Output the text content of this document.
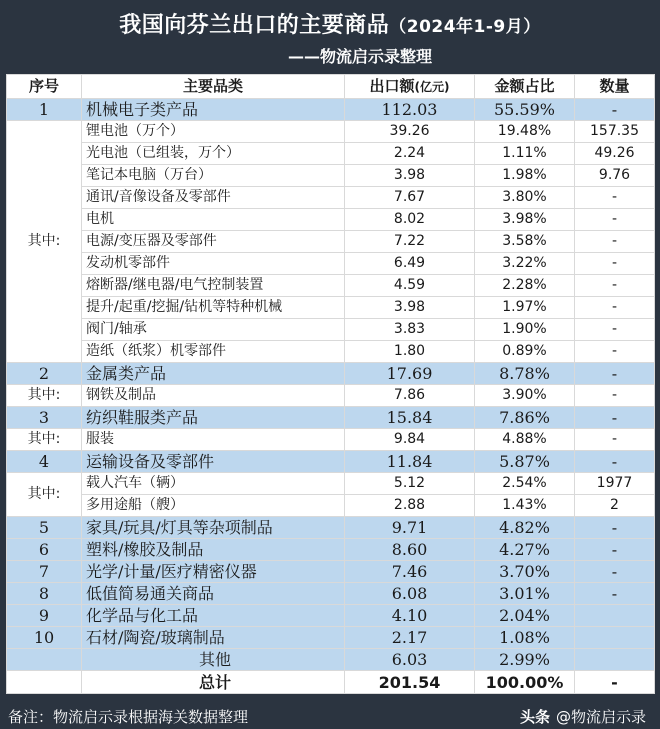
我国向芬兰出口的主要商品（2024年1-9月）
——物流启示录整理
序号	主要品类	出口额(亿元)	金额占比	数量
1	机械电子类产品	112.03	55.59%	-
其中:	锂电池（万个）	39.26	19.48%	157.35
	光电池（已组装，万个）	2.24	1.11%	49.26
	笔记本电脑（万台）	3.98	1.98%	9.76
	通讯/音像设备及零部件	7.67	3.80%	-
	电机	8.02	3.98%	-
	电源/变压器及零部件	7.22	3.58%	-
	发动机零部件	6.49	3.22%	-
	熔断器/继电器/电气控制装置	4.59	2.28%	-
	提升/起重/挖掘/钻机等特种机械	3.98	1.97%	-
	阀门/轴承	3.83	1.90%	-
	造纸（纸浆）机零部件	1.80	0.89%	-
2	金属类产品	17.69	8.78%	-
其中:	钢铁及制品	7.86	3.90%	-
3	纺织鞋服类产品	15.84	7.86%	-
其中:	服装	9.84	4.88%	-
4	运输设备及零部件	11.84	5.87%	-
其中:	载人汽车（辆）	5.12	2.54%	1977
	多用途船（艘）	2.88	1.43%	2
5	家具/玩具/灯具等杂项制品	9.71	4.82%	-
6	塑料/橡胶及制品	8.60	4.27%	-
7	光学/计量/医疗精密仪器	7.46	3.70%	-
8	低值简易通关商品	6.08	3.01%	-
9	化学品与化工品	4.10	2.04%	
10	石材/陶瓷/玻璃制品	2.17	1.08%	
	其他	6.03	2.99%	
	总计	201.54	100.00%	-
备注：物流启示录根据海关数据整理	头条 @物流启示录
